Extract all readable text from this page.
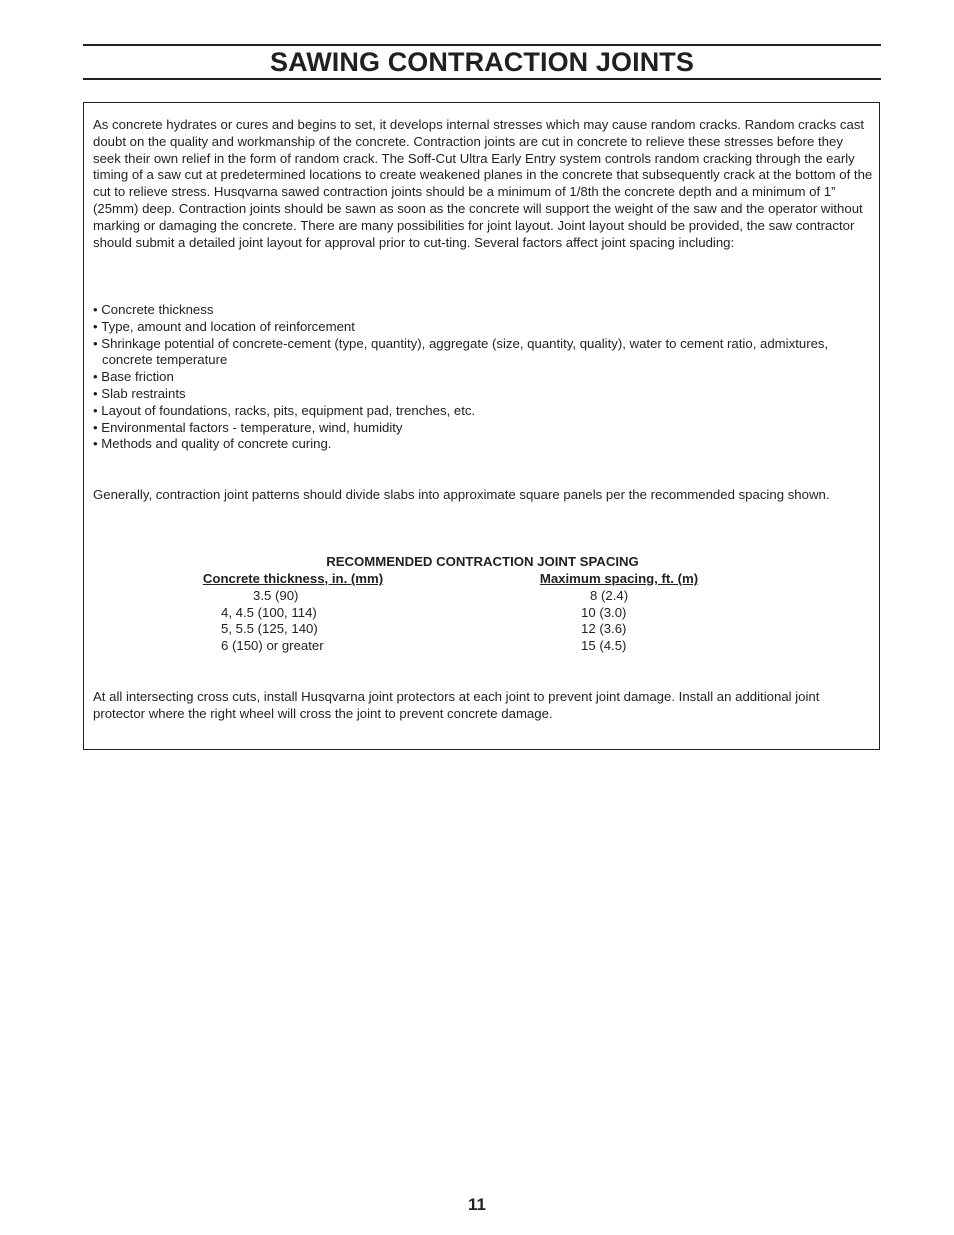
SAWING CONTRACTION JOINTS

As concrete hydrates or cures and begins to set, it develops internal stresses which may cause random cracks. Random cracks cast doubt on the quality and workmanship of the concrete. Contraction joints are cut in concrete to relieve these stresses before they seek their own relief in the form of random crack. The Soff-Cut Ultra Early Entry system controls random cracking through the early timing of a saw cut at predetermined locations to create weakened planes in the concrete that subsequently crack at the bottom of the cut to relieve stress. Husqvarna sawed contraction joints should be a minimum of 1/8th the concrete depth and a minimum of 1” (25mm) deep. Contraction joints should be sawn as soon as the concrete will support the weight of the saw and the operator without marking or damaging the concrete. There are many possibilities for joint layout. Joint layout should be provided, the saw contractor should submit a detailed joint layout for approval prior to cut-ting. Several factors affect joint spacing including:

• Concrete thickness
• Type, amount and location of reinforcement
• Shrinkage potential of concrete-cement (type, quantity), aggregate (size, quantity, quality), water to cement ratio, admixtures, concrete temperature
• Base friction
• Slab restraints
• Layout of foundations, racks, pits, equipment pad, trenches, etc.
• Environmental factors - temperature, wind, humidity
• Methods and quality of concrete curing.

Generally, contraction joint patterns should divide slabs into approximate square panels per the recommended spacing shown.

RECOMMENDED CONTRACTION JOINT SPACING
Concrete thickness, in. (mm)
3.5 (90)
4, 4.5 (100, 114)
5, 5.5 (125, 140)
6 (150) or greater
Maximum spacing, ft. (m)
8 (2.4)
10 (3.0)
12 (3.6)
15 (4.5)

At all intersecting cross cuts, install Husqvarna joint protectors at each joint to prevent joint damage. Install an additional joint protector where the right wheel will cross the joint to prevent concrete damage.

11
